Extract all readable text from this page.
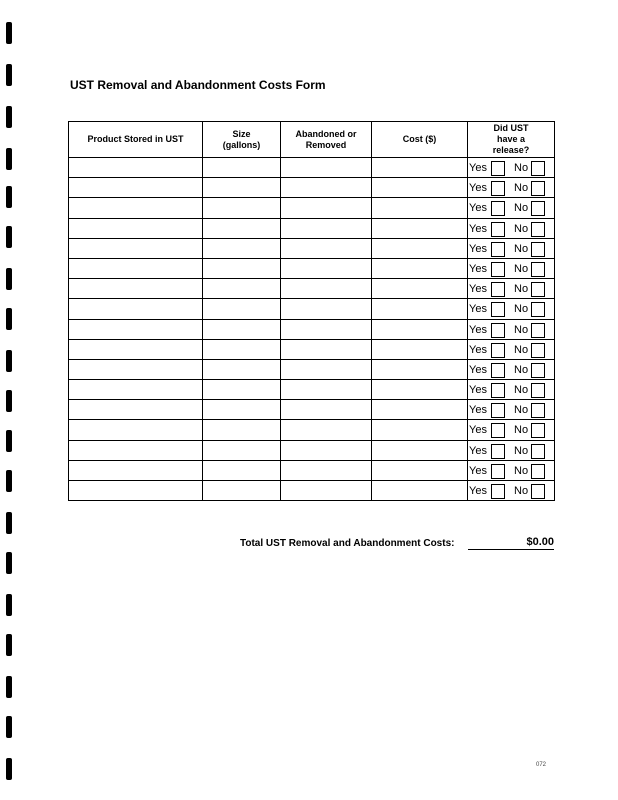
UST Removal and Abandonment Costs Form
Product Stored in UST	Size (gallons)	Abandoned or Removed	Cost ($)	Did UST have a release?

				Yes No

				Yes No

				Yes No

				Yes No

				Yes No

				Yes No

				Yes No

				Yes No

				Yes No

				Yes No

				Yes No

				Yes No

				Yes No

				Yes No

				Yes No

				Yes No

				Yes No
Total UST Removal and Abandonment Costs:	$0.00
072
